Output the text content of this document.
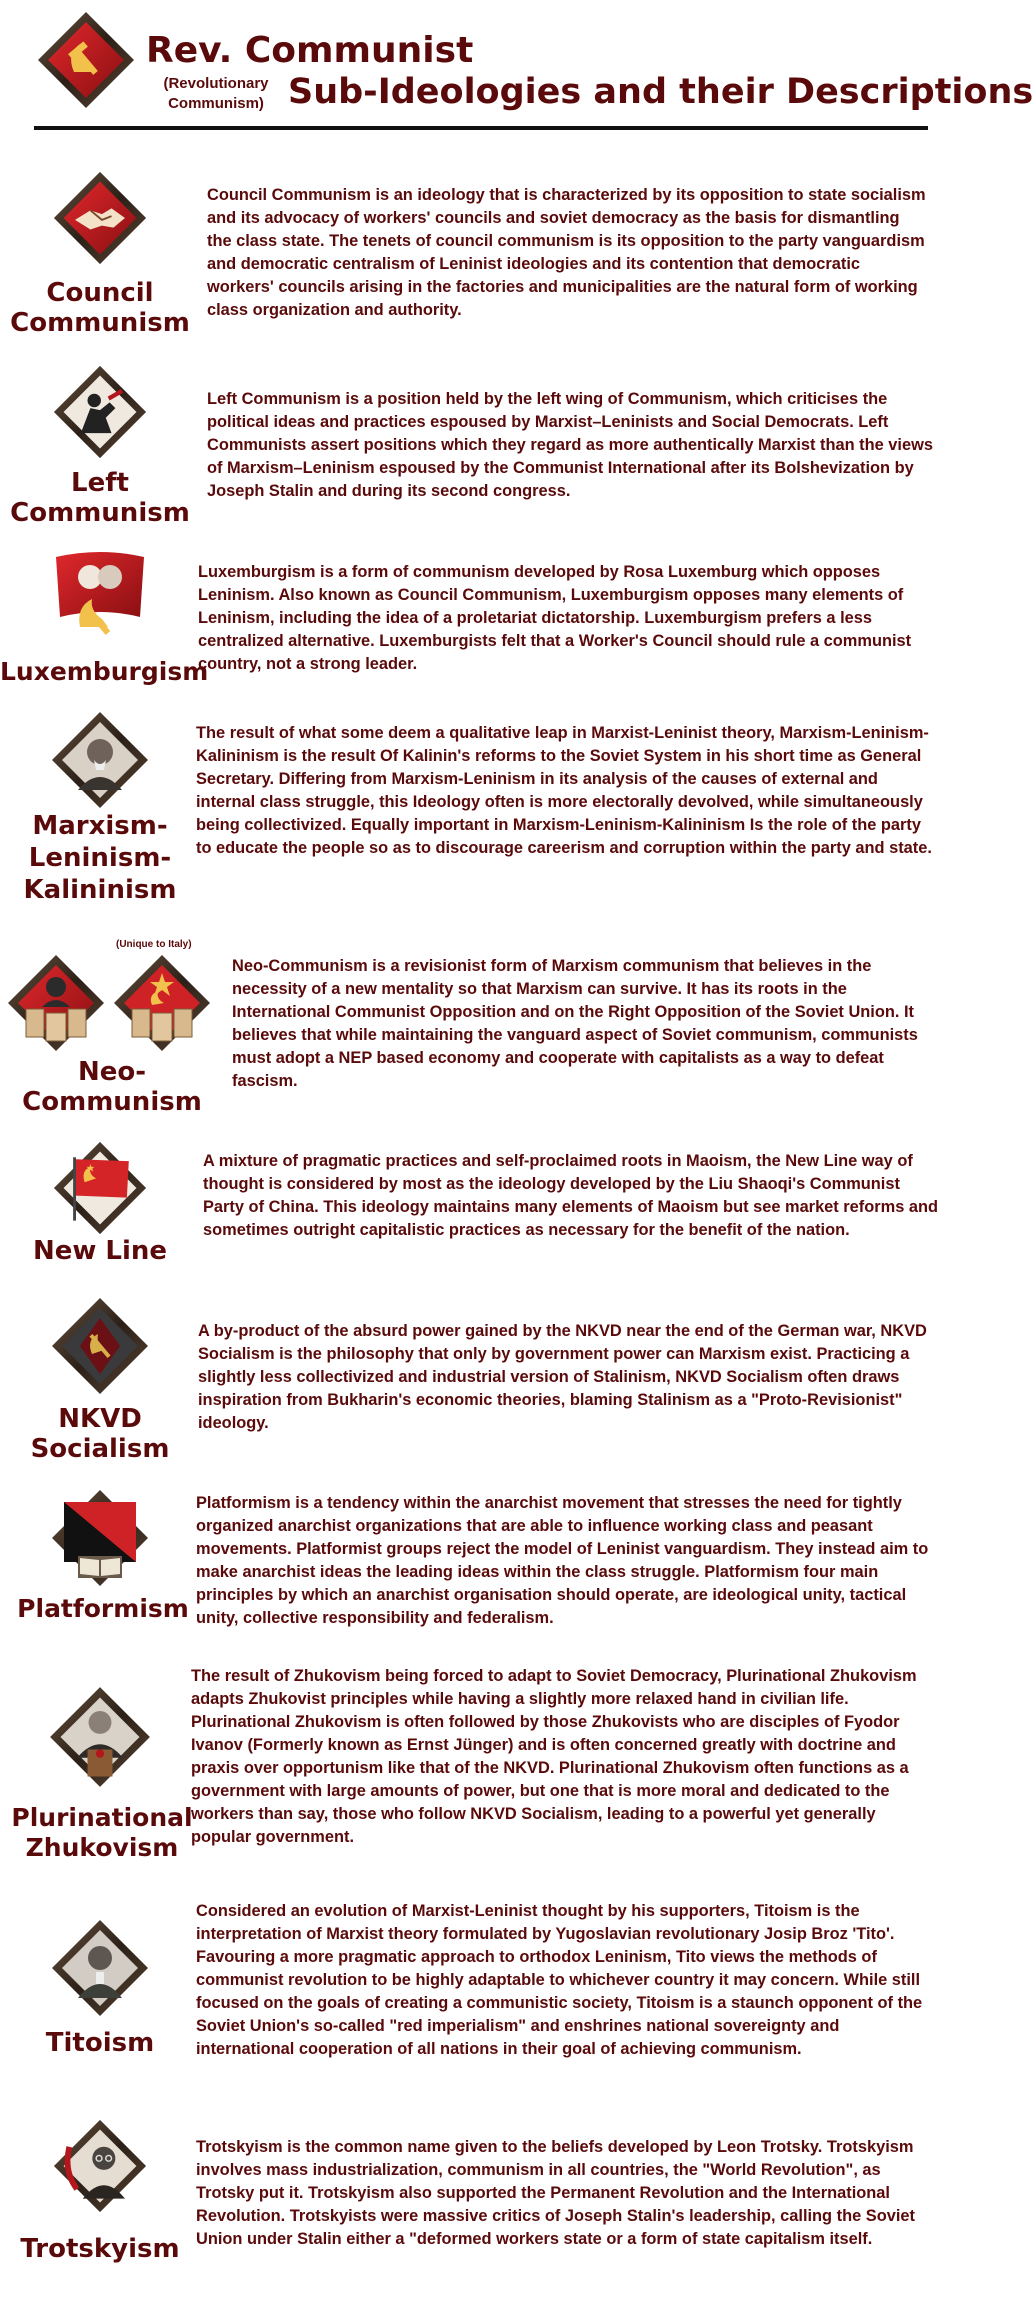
Rev. Communist
(Revolutionary Communism) Sub-Ideologies and their Descriptions
Council Communism
Council Communism is an ideology that is characterized by its opposition to state socialism and its advocacy of workers' councils and soviet democracy as the basis for dismantling the class state. The tenets of council communism is its opposition to the party vanguardism and democratic centralism of Leninist ideologies and its contention that democratic workers' councils arising in the factories and municipalities are the natural form of working class organization and authority.
Left Communism
Left Communism is a position held by the left wing of Communism, which criticises the political ideas and practices espoused by Marxist–Leninists and Social Democrats. Left Communists assert positions which they regard as more authentically Marxist than the views of Marxism–Leninism espoused by the Communist International after its Bolshevization by Joseph Stalin and during its second congress.
Luxemburgism
Luxemburgism is a form of communism developed by Rosa Luxemburg which opposes Leninism. Also known as Council Communism, Luxemburgism opposes many elements of Leninism, including the idea of a proletariat dictatorship. Luxemburgism prefers a less centralized alternative. Luxemburgists felt that a Worker's Council should rule a communist country, not a strong leader.
Marxism-Leninism-Kalininism
The result of what some deem a qualitative leap in Marxist-Leninist theory, Marxism-Leninism-Kalininism is the result Of Kalinin's reforms to the Soviet System in his short time as General Secretary. Differing from Marxism-Leninism in its analysis of the causes of external and internal class struggle, this Ideology often is more electorally devolved, while simultaneously being collectivized. Equally important in Marxism-Leninism-Kalininism Is the role of the party to educate the people so as to discourage careerism and corruption within the party and state.
(Unique to Italy)
Neo-Communism
Neo-Communism is a revisionist form of Marxism communism that believes in the necessity of a new mentality so that Marxism can survive. It has its roots in the International Communist Opposition and on the Right Opposition of the Soviet Union. It believes that while maintaining the vanguard aspect of Soviet communism, communists must adopt a NEP based economy and cooperate with capitalists as a way to defeat fascism.
New Line
A mixture of pragmatic practices and self-proclaimed roots in Maoism, the New Line way of thought is considered by most as the ideology developed by the Liu Shaoqi's Communist Party of China. This ideology maintains many elements of Maoism but see market reforms and sometimes outright capitalistic practices as necessary for the benefit of the nation.
NKVD Socialism
A by-product of the absurd power gained by the NKVD near the end of the German war, NKVD Socialism is the philosophy that only by government power can Marxism exist. Practicing a slightly less collectivized and industrial version of Stalinism, NKVD Socialism often draws inspiration from Bukharin's economic theories, blaming Stalinism as a "Proto-Revisionist" ideology.
Platformism
Platformism is a tendency within the anarchist movement that stresses the need for tightly organized anarchist organizations that are able to influence working class and peasant movements. Platformist groups reject the model of Leninist vanguardism. They instead aim to make anarchist ideas the leading ideas within the class struggle. Platformism four main principles by which an anarchist organisation should operate, are ideological unity, tactical unity, collective responsibility and federalism.
Plurinational Zhukovism
The result of Zhukovism being forced to adapt to Soviet Democracy, Plurinational Zhukovism adapts Zhukovist principles while having a slightly more relaxed hand in civilian life. Plurinational Zhukovism is often followed by those Zhukovists who are disciples of Fyodor Ivanov (Formerly known as Ernst Jünger) and is often concerned greatly with doctrine and praxis over opportunism like that of the NKVD. Plurinational Zhukovism often functions as a government with large amounts of power, but one that is more moral and dedicated to the workers than say, those who follow NKVD Socialism, leading to a powerful yet generally popular government.
Titoism
Considered an evolution of Marxist-Leninist thought by his supporters, Titoism is the interpretation of Marxist theory formulated by Yugoslavian revolutionary Josip Broz 'Tito'. Favouring a more pragmatic approach to orthodox Leninism, Tito views the methods of communist revolution to be highly adaptable to whichever country it may concern. While still focused on the goals of creating a communistic society, Titoism is a staunch opponent of the Soviet Union's so-called "red imperialism" and enshrines national sovereignty and international cooperation of all nations in their goal of achieving communism.
Trotskyism
Trotskyism is the common name given to the beliefs developed by Leon Trotsky. Trotskyism involves mass industrialization, communism in all countries, the "World Revolution", as Trotsky put it. Trotskyism also supported the Permanent Revolution and the International Revolution. Trotskyists were massive critics of Joseph Stalin's leadership, calling the Soviet Union under Stalin either a "deformed workers state or a form of state capitalism itself.
